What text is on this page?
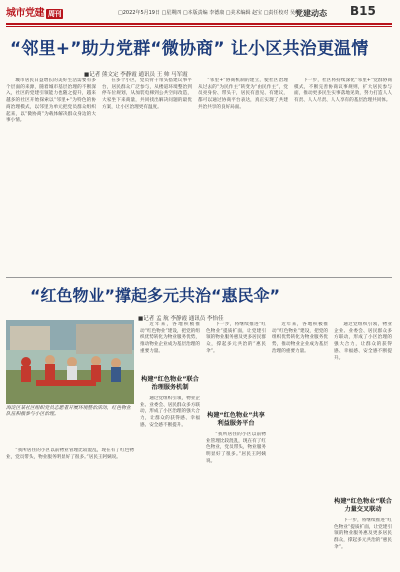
城市党建 周刊	□2022年5月19日 □星期四 □本版责编 李德康 □美术编辑 赵宝 □责任校对 吴琳
党建动态 B15
“邻里+”助力党群“微协商” 让小区共治更温情
■记者 熊文定 李静霞 通讯员 王 帅 马军霞

城市居民日益增长的美好生活需要有多个层面的来源，随着城市基层治理的不断深入，社区的党建引领能力也随之提升，越来越多的社区开始探索以“邻里+”为特色的协商治理模式，以邻里为单元把党员群众组织起来，以“微协商”为载体解决群众身边的大事小情。

在多个小区，党员骨干带头搭建议事平台，居民群众广泛参与，从楼道环境整治到停车位规划，从加装电梯到公共空间改造，大家坐下来商量，共同找出解决问题的最优方案，让小区治理更有温度。

“邻里+”协商机制的建立，使社区治理从过去的“为民作主”转变为“由民作主”，党员亮身份、带头干，居民有意见、有建议，都可以通过协商平台表达，真正实现了共建共治共享的良好局面。

下一步，社区将持续深化“邻里+”党群协商模式，不断完善协商议事规则，扩大居民参与面，推动更多民生实事落地见效，努力打造人人有责、人人尽责、人人享有的基层治理共同体。

“红色物业”撑起多元共治“惠民伞”
■记者 孟 航 李静霞 通讯员 李怡佳
海淀区某社区组织党员志愿者开展环境整治活动，红色物业队伍积极参与小区治理。

“我所居住的小区以前物业管理比较混乱，现在有了红色物业，党员带头，物业服务明显好了很多。”居民王阿姨说。

构建“红色物业”联合治理服务机制

近年来，各地积极推动“红色物业”建设，把党的组织优势转化为物业服务优势，推动物业企业成为基层治理的重要力量。

通过党组织引领，物业企业、业委会、居民群众多方联动，形成了小区治理的强大合力，让群众的获得感、幸福感、安全感不断提升。

构建“红色物业”共享利益服务平台

下一步，将继续推进“红色物业”提质扩面，让党建引领的物业服务惠及更多居民群众，撑起多元共治的“惠民伞”。

“我所居住的小区以前物业管理比较混乱，现在有了红色物业，党员带头，物业服务明显好了很多。”居民王阿姨说。

近年来，各地积极推动“红色物业”建设，把党的组织优势转化为物业服务优势，推动物业企业成为基层治理的重要力量。

通过党组织引领，物业企业、业委会、居民群众多方联动，形成了小区治理的强大合力，让群众的获得感、幸福感、安全感不断提升。

构建“红色物业”联合力量交叉联动

下一步，将继续推进“红色物业”提质扩面，让党建引领的物业服务惠及更多居民群众，撑起多元共治的“惠民伞”。
